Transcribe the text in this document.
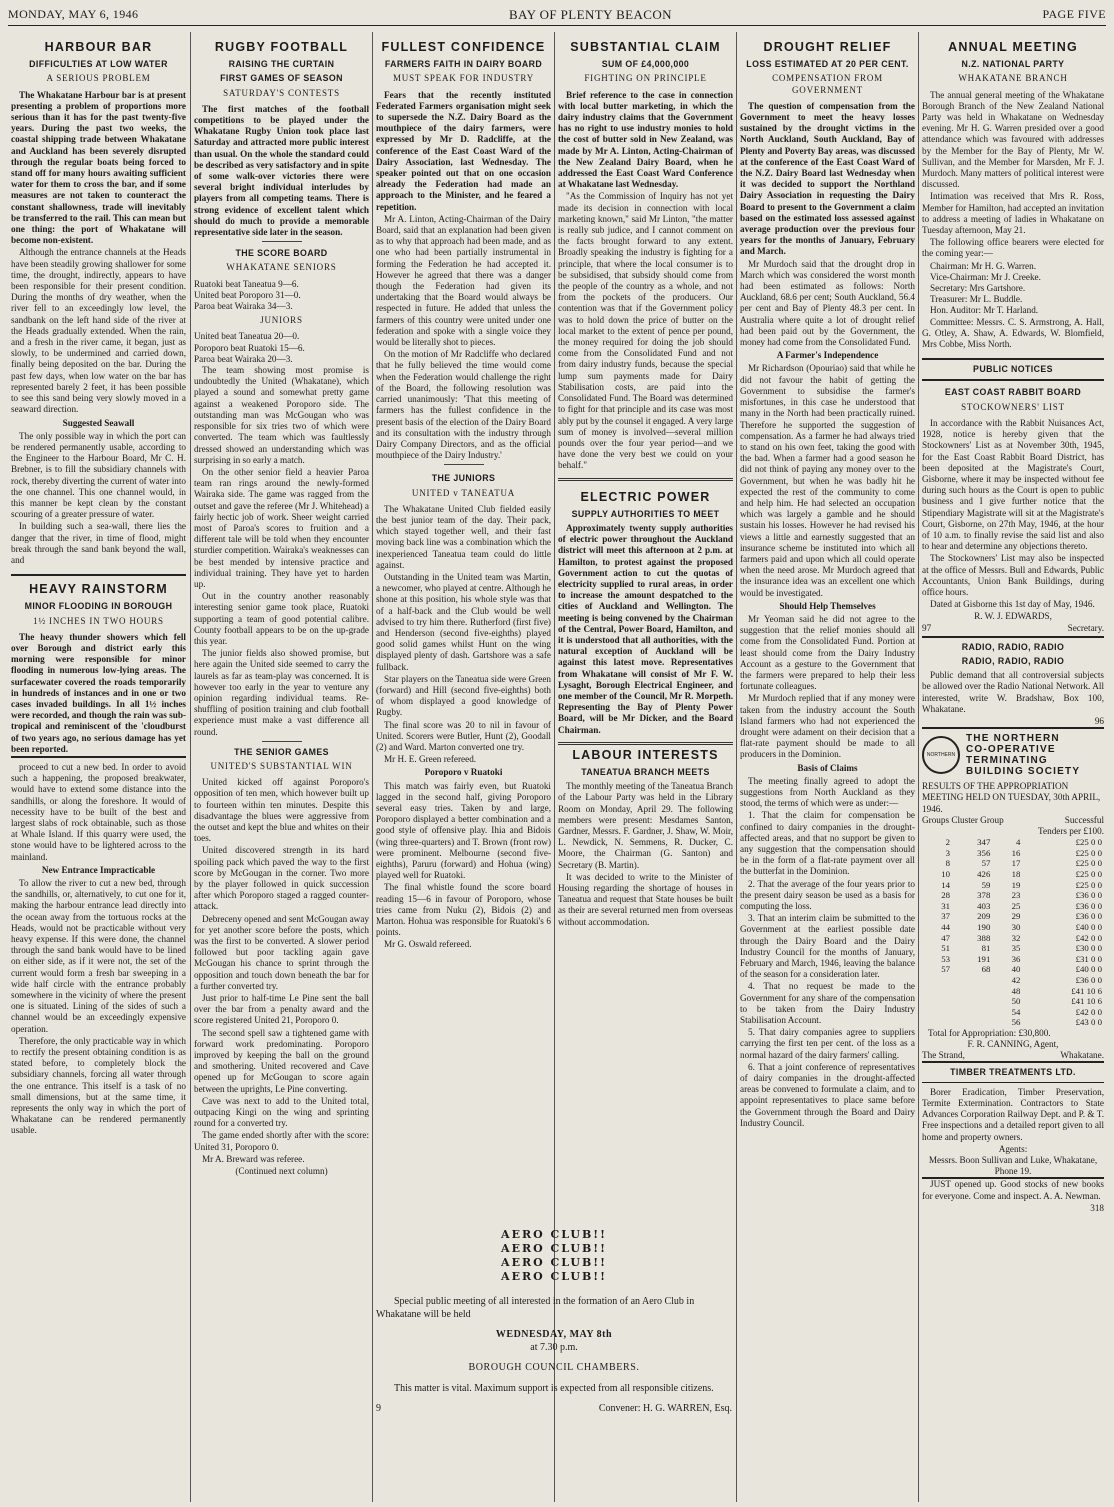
MONDAY, MAY 6, 1946	BAY OF PLENTY BEACON	PAGE FIVE
HARBOUR BAR
DIFFICULTIES AT LOW WATER
A SERIOUS PROBLEM

The Whakatane Harbour bar is at present presenting a problem of proportions more serious than it has for the past twenty-five years. During the past two weeks, the coastal shipping trade between Whakatane and Auckland has been severely disrupted through the regular boats being forced to stand off for many hours awaiting sufficient water for them to cross the bar, and if some measures are not taken to counteract the constant shallowness, trade will inevitably be transferred to the rail. This can mean but one thing: the port of Whakatane will become non-existent.

Although the entrance channels at the Heads have been steadily growing shallower for some time, the drought, indirectly, appears to have been responsible for their present condition. During the months of dry weather, when the river fell to an exceedingly low level, the sandbank on the left hand side of the river at the Heads gradually extended. When the rain, and a fresh in the river came, it began, just as slowly, to be undermined and carried down, finally being deposited on the bar. During the past few days, when low water on the bar has represented barely 2 feet, it has been possible to see this sand being very slowly moved in a seaward direction.

Suggested Seawall

The only possible way in which the port can be rendered permanently usable, according to the Engineer to the Harbour Board, Mr C. H. Brebner, is to fill the subsidiary channels with rock, thereby diverting the current of water into the one channel. This one channel would, in this manner be kept clean by the constant scouring of a greater pressure of water.

In building such a sea-wall, there lies the danger that the river, in time of flood, might break through the sand bank beyond the wall, and

HEAVY RAINSTORM
MINOR FLOODING IN BOROUGH
1½ INCHES IN TWO HOURS

The heavy thunder showers which fell over Borough and district early this morning were responsible for minor flooding in numerous low-lying areas. The surfacewater covered the roads temporarily in hundreds of instances and in one or two cases invaded buildings. In all 1½ inches were recorded, and though the rain was sub-tropical and reminiscent of the 'cloudburst of two years ago, no serious damage has yet been reported.

proceed to cut a new bed. In order to avoid such a happening, the proposed breakwater, would have to extend some distance into the sandhills, or along the foreshore. It would of necessity have to be built of the best and largest slabs of rock obtainable, such as those at Whale Island. If this quarry were used, the stone would have to be lightered across to the mainland.

New Entrance Impracticable

To allow the river to cut a new bed, through the sandhills, or, alternatively, to cut one for it, making the harbour entrance lead directly into the ocean away from the tortuous rocks at the Heads, would not be practicable without very heavy expense. If this were done, the channel through the sand bank would have to be lined on either side, as if it were not, the set of the current would form a fresh bar sweeping in a wide half circle with the entrance probably somewhere in the vicinity of where the present one is situated. Lining of the sides of such a channel would be an exceedingly expensive operation.

Therefore, the only practicable way in which to rectify the present obtaining condition is as stated before, to completely block the subsidiary channels, forcing all water through the one entrance. This itself is a task of no small dimensions, but at the same time, it represents the only way in which the port of Whakatane can be rendered permanently usable.

RUGBY FOOTBALL
RAISING THE CURTAIN
FIRST GAMES OF SEASON
SATURDAY'S CONTESTS

The first matches of the football competitions to be played under the Whakatane Rugby Union took place last Saturday and attracted more public interest than usual. On the whole the standard could be described as very satisfactory and in spite of some walk-over victories there were several bright individual interludes by players from all competing teams. There is strong evidence of excellent talent which should do much to provide a memorable representative side later in the season.

THE SCORE BOARD
WHAKATANE SENIORS
Ruatoki beat Taneatua 9—6.
United beat Poroporo 31—0.
Paroa beat Wairaka 34—3.
JUNIORS
United beat Taneatua 20—0.
Poroporo beat Ruatoki 15—6.
Paroa beat Wairaka 20—3.

The team showing most promise is undoubtedly the United (Whakatane), which played a sound and somewhat pretty game against a weakened Poroporo side. The outstanding man was McGougan who was responsible for six tries two of which were converted. The team which was faultlessly dressed showed an understanding which was surprising in so early a match.

On the other senior field a heavier Paroa team ran rings around the newly-formed Wairaka side. The game was ragged from the outset and gave the referee (Mr J. Whitehead) a fairly hectic job of work. Sheer weight carried most of Paroa's scores to fruition and a different tale will be told when they encounter sturdier competition. Wairaka's weaknesses can be best mended by intensive practice and individual training. They have yet to harden up.

Out in the country another reasonably interesting senior game took place, Ruatoki supporting a team of good potential calibre. County football appears to be on the up-grade this year.

The junior fields also showed promise, but here again the United side seemed to carry the laurels as far as team-play was concerned. It is however too early in the year to venture any opinion regarding individual teams. Re-shuffling of position training and club football experience must make a vast difference all round.

THE SENIOR GAMES
UNITED'S SUBSTANTIAL WIN

United kicked off against Poroporo's opposition of ten men, which however built up to fourteen within ten minutes. Despite this disadvantage the blues were aggressive from the outset and kept the blue and whites on their toes.

United discovered strength in its hard spoiling pack which paved the way to the first score by McGougan in the corner. Two more by the player followed in quick succession after which Poroporo staged a ragged counter-attack.

Debreceny opened and sent McGougan away for yet another score before the posts, which was the first to be converted. A slower period followed but poor tackling again gave McGougan his chance to sprint through the opposition and touch down beneath the bar for a further converted try.

Just prior to half-time Le Pine sent the ball over the bar from a penalty award and the score registered United 21, Poroporo 0.

The second spell saw a tightened game with forward work predominating. Poroporo improved by keeping the ball on the ground and smothering. United recovered and Cave opened up for McGougan to score again between the uprights, Le Pine converting.

Cave was next to add to the United total, outpacing Kingi on the wing and sprinting round for a converted try.

The game ended shortly after with the score: United 31, Poroporo 0.

Mr A. Breward was referee.

(Continued next column)
FULLEST CONFIDENCE
FARMERS FAITH IN DAIRY BOARD
MUST SPEAK FOR INDUSTRY

Fears that the recently instituted Federated Farmers organisation might seek to supersede the N.Z. Dairy Board as the mouthpiece of the dairy farmers, were expressed by Mr D. Radcliffe, at the conference of the East Coast Ward of the Dairy Association, last Wednesday. The speaker pointed out that on one occasion already the Federation had made an approach to the Minister, and he feared a repetition.

Mr A. Linton, Acting-Chairman of the Dairy Board, said that an explanation had been given as to why that approach had been made, and as one who had been partially instrumental in forming the Federation he had accepted it. However he agreed that there was a danger though the Federation had given its undertaking that the Board would always be respected in future. He added that unless the farmers of this country were united under one federation and spoke with a single voice they would be literally shot to pieces.

On the motion of Mr Radcliffe who declared that he fully believed the time would come when the Federation would challenge the right of the Board, the following resolution was carried unanimously: 'That this meeting of farmers has the fullest confidence in the present basis of the election of the Dairy Board and its consultation with the industry through Dairy Company Directors, and as the official mouthpiece of the Dairy Industry.'

THE JUNIORS
UNITED v TANEATUA

The Whakatane United Club fielded easily the best junior team of the day. Their pack, which stayed together well, and their fast moving back line was a combination which the inexperienced Taneatua team could do little against.

Outstanding in the United team was Martin, a newcomer, who played at centre. Although he shone at this position, his whole style was that of a half-back and the Club would be well advised to try him there. Rutherford (first five) and Henderson (second five-eighths) played good solid games whilst Hunt on the wing displayed plenty of dash. Gartshore was a safe fullback.

Star players on the Taneatua side were Green (forward) and Hill (second five-eighths) both of whom displayed a good knowledge of Rugby.

The final score was 20 to nil in favour of United. Scorers were Butler, Hunt (2), Goodall (2) and Ward. Marton converted one try.

Mr H. E. Green refereed.

Poroporo v Ruatoki

This match was fairly even, but Ruatoki lagged in the second half, giving Poroporo several easy tries. Taken by and large, Poroporo displayed a better combination and a good style of offensive play. Ihia and Bidois (wing three-quarters) and T. Brown (front row) were prominent. Melbourne (second five-eighths), Paruru (forward) and Hohua (wing) played well for Ruatoki.

The final whistle found the score board reading 15—6 in favour of Poroporo, whose tries came from Nuku (2), Bidois (2) and Marton. Hohua was responsible for Ruatoki's 6 points.

Mr G. Oswald refereed.

SUBSTANTIAL CLAIM
SUM OF £4,000,000
FIGHTING ON PRINCIPLE

Brief reference to the case in connection with local butter marketing, in which the dairy industry claims that the Government has no right to use industry monies to hold the cost of butter sold in New Zealand, was made by Mr A. Linton, Acting-Chairman of the New Zealand Dairy Board, when he addressed the East Coast Ward Conference at Whakatane last Wednesday.

"As the Commission of Inquiry has not yet made its decision in connection with local marketing known," said Mr Linton, "the matter is really sub judice, and I cannot comment on the facts brought forward to any extent. Broadly speaking the industry is fighting for a principle, that where the local consumer is to be subsidised, that subsidy should come from the people of the country as a whole, and not from the pockets of the producers. Our contention was that if the Government policy was to hold down the price of butter on the local market to the extent of pence per pound, the money required for doing the job should come from the Consolidated Fund and not from dairy industry funds, because the special lump sum payments made for Dairy Stabilisation costs, are paid into the Consolidated Fund. The Board was determined to fight for that principle and its case was most ably put by the counsel it engaged. A very large sum of money is involved—several million pounds over the four year period—and we have done the very best we could on your behalf."

ELECTRIC POWER
SUPPLY AUTHORITIES TO MEET

Approximately twenty supply authorities of electric power throughout the Auckland district will meet this afternoon at 2 p.m. at Hamilton, to protest against the proposed Government action to cut the quotas of electricity supplied to rural areas, in order to increase the amount despatched to the cities of Auckland and Wellington. The meeting is being convened by the Chairman of the Central, Power Board, Hamilton, and it is understood that all authorities, with the natural exception of Auckland will be against this latest move. Representatives from Whakatane will consist of Mr F. W. Lysaght, Borough Electrical Engineer, and one member of the Council, Mr R. Morpeth. Representing the Bay of Plenty Power Board, will be Mr Dicker, and the Board Chairman.

LABOUR INTERESTS
TANEATUA BRANCH MEETS

The monthly meeting of the Taneatua Branch of the Labour Party was held in the Library Room on Monday, April 29. The following members were present: Mesdames Santon, Gardner, Messrs. F. Gardner, J. Shaw, W. Moir, L. Newdick, N. Semmens, R. Ducker, C. Moore, the Chairman (G. Santon) and Secretary (B. Martin).

It was decided to write to the Minister of Housing regarding the shortage of houses in Taneatua and request that State houses be built as their are several returned men from overseas without accommodation.

DROUGHT RELIEF
LOSS ESTIMATED AT 20 PER CENT.
COMPENSATION FROM GOVERNMENT

The question of compensation from the Government to meet the heavy losses sustained by the drought victims in the North Auckland, South Auckland, Bay of Plenty and Poverty Bay areas, was discussed at the conference of the East Coast Ward of the N.Z. Dairy Board last Wednesday when it was decided to support the Northland Dairy Association in requesting the Dairy Board to present to the Government a claim based on the estimated loss assessed against average production over the previous four years for the months of January, February and March.

Mr Murdoch said that the drought drop in March which was considered the worst month had been estimated as follows: North Auckland, 68.6 per cent; South Auckland, 56.4 per cent and Bay of Plenty 48.3 per cent. In Australia where quite a lot of drought relief had been paid out by the Government, the money had come from the Consolidated Fund.

A Farmer's Independence

Mr Richardson (Opouriao) said that while he did not favour the habit of getting the Government to subsidise the farmer's misfortunes, in this case he understood that many in the North had been practically ruined. Therefore he supported the suggestion of compensation. As a farmer he had always tried to stand on his own feet, taking the good with the bad. When a farmer had a good season he did not think of paying any money over to the Government, but when he was badly hit he expected the rest of the community to come and help him. He had selected an occupation which was largely a gamble and he should sustain his losses. However he had revised his views a little and earnestly suggested that an insurance scheme be instituted into which all farmers paid and upon which all could operate when the need arose. Mr Murdoch agreed that the insurance idea was an excellent one which would be investigated.

Should Help Themselves

Mr Yeoman said he did not agree to the suggestion that the relief monies should all come from the Consolidated Fund. Portion at least should come from the Dairy Industry Account as a gesture to the Government that the farmers were prepared to help their less fortunate colleagues.

Mr Murdoch replied that if any money were taken from the industry account the South Island farmers who had not experienced the drought were adament on their decision that a flat-rate payment should be made to all producers in the Dominion.

Basis of Claims

The meeting finally agreed to adopt the suggestions from North Auckland as they stood, the terms of which were as under:—

1. That the claim for compensation be confined to dairy companies in the drought-affected areas, and that no support be given to any suggestion that the compensation should be in the form of a flat-rate payment over all the butterfat in the Dominion.

2. That the average of the four years prior to the present dairy season be used as a basis for computing the loss.

3. That an interim claim be submitted to the Government at the earliest possible date through the Dairy Board and the Dairy Industry Council for the months of January, February and March, 1946, leaving the balance of the season for a consideration later.

4. That no request be made to the Government for any share of the compensation to be taken from the Dairy Industry Stabilisation Account.

5. That dairy companies agree to suppliers carrying the first ten per cent. of the loss as a normal hazard of the dairy farmers' calling.

6. That a joint conference of representatives of dairy companies in the drought-affected areas be convened to formulate a claim, and to appoint representatives to place same before the Government through the Board and Dairy Industry Council.

ANNUAL MEETING
N.Z. NATIONAL PARTY
WHAKATANE BRANCH

The annual general meeting of the Whakatane Borough Branch of the New Zealand National Party was held in Whakatane on Wednesday evening. Mr H. G. Warren presided over a good attendance which was favoured with addresses by the Member for the Bay of Plenty, Mr W. Sullivan, and the Member for Marsden, Mr F. J. Murdoch. Many matters of political interest were discussed.

Intimation was received that Mrs R. Ross, Member for Hamilton, had accepted an invitation to address a meeting of ladies in Whakatane on Tuesday afternoon, May 21.

The following office bearers were elected for the coming year:—

Chairman: Mr H. G. Warren.
Vice-Chairman: Mr J. Creeke.
Secretary: Mrs Gartshore.
Treasurer: Mr L. Buddle.
Hon. Auditor: Mr T. Harland.

Committee: Messrs. C. S. Armstrong, A. Hall, G. Otley, A. Shaw, A. Edwards, W. Blomfield, Mrs Cobbe, Miss North.

PUBLIC NOTICES
EAST COAST RABBIT BOARD
STOCKOWNERS' LIST

In accordance with the Rabbit Nuisances Act, 1928, notice is hereby given that the Stockowners' List as at November 30th, 1945, for the East Coast Rabbit Board District, has been deposited at the Magistrate's Court, Gisborne, where it may be inspected without fee during such hours as the Court is open to public business and I give further notice that the Stipendiary Magistrate will sit at the Magistrate's Court, Gisborne, on 27th May, 1946, at the hour of 10 a.m. to finally revise the said list and also to hear and determine any objections thereto.

The Stockowners' List may also be inspected at the office of Messrs. Bull and Edwards, Public Accountants, Union Bank Buildings, during office hours.

Dated at Gisborne this 1st day of May, 1946.

R. W. J. EDWARDS,
97	Secretary.
RADIO, RADIO, RADIO
RADIO, RADIO, RADIO

Public demand that all controversial subjects be allowed over the Radio National Network. All interested, write W. Bradshaw, Box 100, Whakatane.

96
NORTHERN
THE NORTHERN
CO-OPERATIVE
TERMINATING
BUILDING SOCIETY
RESULTS OF THE APPROPRIATION MEETING HELD ON TUESDAY, 30th APRIL, 1946.
Groups Cluster Group	Successful
Tenders per £100.
2	347	4	£25 0 0
3	356	16	£25 0 0
8	57	17	£25 0 0
10	426	18	£25 0 0
14	59	19	£25 0 0
28	378	23	£36 0 0
31	403	25	£36 0 0
37	209	29	£36 0 0
44	190	30	£40 0 0
47	388	32	£42 0 0
51	81	35	£30 0 0
53	191	36	£31 0 0
57	68	40	£40 0 0
		42	£36 0 0
		48	£41 10 6
		50	£41 10 6
		54	£42 0 0
		56	£43 0 0
Total for Appropriation: £30,800.
F. R. CANNING, Agent,
The Strand,	Whakatane.
TIMBER TREATMENTS LTD.

Borer Eradication, Timber Preservation, Termite Extermination. Contractors to State Advances Corporation Railway Dept. and P. & T. Free inspections and a detailed report given to all home and property owners.

Agents:
Messrs. Boon Sullivan and Luke, Whakatane, Phone 19.

JUST opened up. Good stocks of new books for everyone. Come and inspect. A. A. Newman.

318
AERO CLUB!!
AERO CLUB!!
AERO CLUB!!
AERO CLUB!!
Special public meeting of all interested in the formation of an Aero Club in Whakatane will be held
WEDNESDAY, MAY 8th
at 7.30 p.m.
BOROUGH COUNCIL CHAMBERS.
This matter is vital. Maximum support is expected from all responsible citizens.
9	Convener: H. G. WARREN, Esq.
